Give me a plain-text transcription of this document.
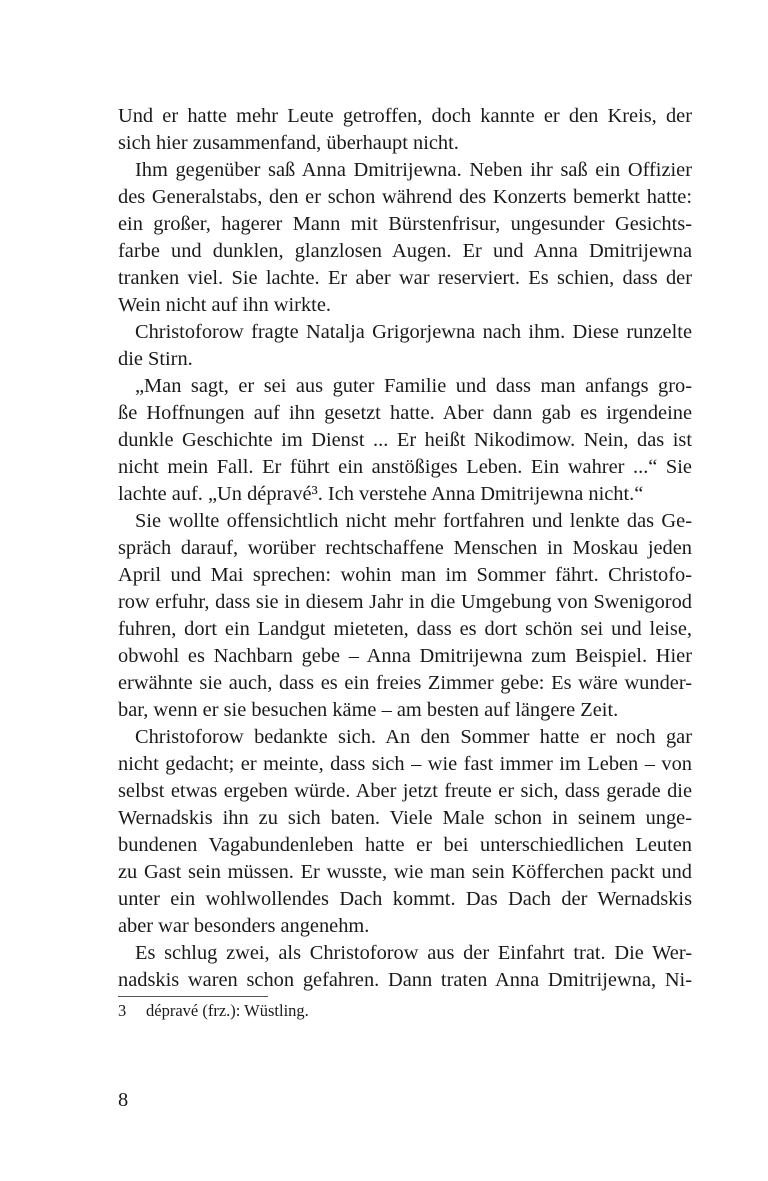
Und er hatte mehr Leute getroffen, doch kannte er den Kreis, der
sich hier zusammenfand, überhaupt nicht.
Ihm gegenüber saß Anna Dmitrijewna. Neben ihr saß ein Offizier
des Generalstabs, den er schon während des Konzerts bemerkt hatte:
ein großer, hagerer Mann mit Bürstenfrisur, ungesunder Gesichts-
farbe und dunklen, glanzlosen Augen. Er und Anna Dmitrijewna
tranken viel. Sie lachte. Er aber war reserviert. Es schien, dass der
Wein nicht auf ihn wirkte.
Christoforow fragte Natalja Grigorjewna nach ihm. Diese runzelte
die Stirn.
„Man sagt, er sei aus guter Familie und dass man anfangs gro-
ße Hoffnungen auf ihn gesetzt hatte. Aber dann gab es irgendeine
dunkle Geschichte im Dienst ... Er heißt Nikodimow. Nein, das ist
nicht mein Fall. Er führt ein anstößiges Leben. Ein wahrer ...“ Sie
lachte auf. „Un dépravé³. Ich verstehe Anna Dmitrijewna nicht.“
Sie wollte offensichtlich nicht mehr fortfahren und lenkte das Ge-
spräch darauf, worüber rechtschaffene Menschen in Moskau jeden
April und Mai sprechen: wohin man im Sommer fährt. Christofo-
row erfuhr, dass sie in diesem Jahr in die Umgebung von Swenigorod
fuhren, dort ein Landgut mieteten, dass es dort schön sei und leise,
obwohl es Nachbarn gebe – Anna Dmitrijewna zum Beispiel. Hier
erwähnte sie auch, dass es ein freies Zimmer gebe: Es wäre wunder-
bar, wenn er sie besuchen käme – am besten auf längere Zeit.
Christoforow bedankte sich. An den Sommer hatte er noch gar
nicht gedacht; er meinte, dass sich – wie fast immer im Leben – von
selbst etwas ergeben würde. Aber jetzt freute er sich, dass gerade die
Wernadskis ihn zu sich baten. Viele Male schon in seinem unge-
bundenen Vagabundenleben hatte er bei unterschiedlichen Leuten
zu Gast sein müssen. Er wusste, wie man sein Köfferchen packt und
unter ein wohlwollendes Dach kommt. Das Dach der Wernadskis
aber war besonders angenehm.
Es schlug zwei, als Christoforow aus der Einfahrt trat. Die Wer-
nadskis waren schon gefahren. Dann traten Anna Dmitrijewna, Ni-
3 dépravé (frz.): Wüstling.
8
